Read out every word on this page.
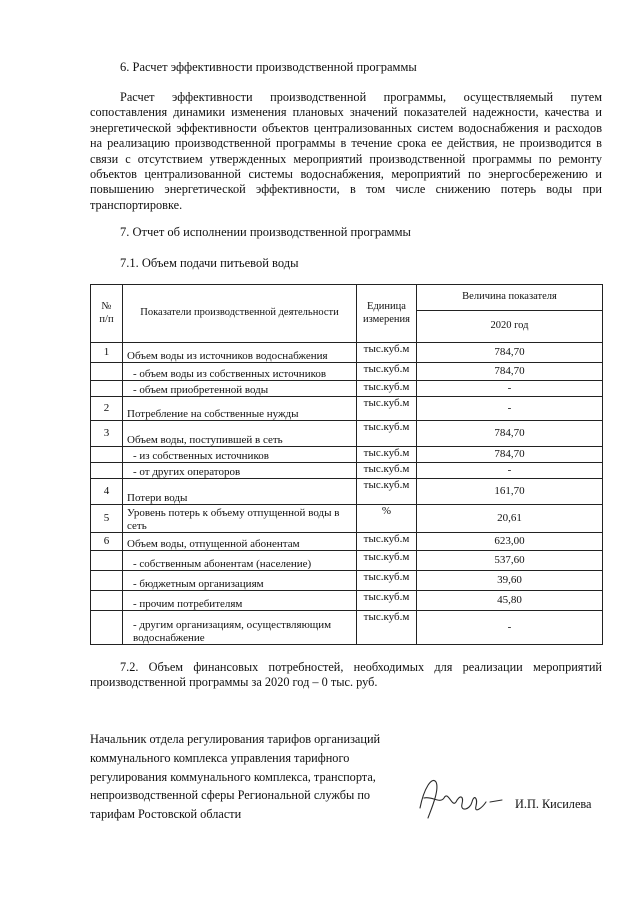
6. Расчет эффективности производственной программы

Расчет эффективности производственной программы, осуществляемый путем сопоставления динамики изменения плановых значений показателей надежности, качества и энергетической эффективности объектов централизованных систем водоснабжения и расходов на реализацию производственной программы в течение срока ее действия, не производится в связи с отсутствием утвержденных мероприятий производственной программы по ремонту объектов централизованной системы водоснабжения, мероприятий по энергосбережению и повышению энергетической эффективности, в том числе снижению потерь воды при транспортировке.

7. Отчет об исполнении производственной программы
7.1. Объем подачи питьевой воды
№
п/п	Показатели производственной деятельности	Единица измерения	Величина показателя
			2020 год
1	Объем воды из источников водоснабжения	тыс.куб.м	784,70
	- объем воды из собственных источников	тыс.куб.м	784,70
	- объем приобретенной воды	тыс.куб.м	-
2	Потребление на собственные нужды	тыс.куб.м	-
3	Объем воды, поступившей в сеть	тыс.куб.м	784,70
	- из собственных источников	тыс.куб.м	784,70
	- от других операторов	тыс.куб.м	-
4	Потери воды	тыс.куб.м	161,70
5	Уровень потерь к объему отпущенной воды в сеть	%	20,61
6	Объем воды, отпущенной абонентам	тыс.куб.м	623,00
	- собственным абонентам (население)	тыс.куб.м	537,60
	- бюджетным организациям	тыс.куб.м	39,60
	- прочим потребителям	тыс.куб.м	45,80
	- другим организациям, осуществляющим водоснабжение	тыс.куб.м	-

7.2. Объем финансовых потребностей, необходимых для реализации мероприятий производственной программы за 2020 год – 0 тыс. руб.

Начальник отдела регулирования тарифов организаций коммунального комплекса управления тарифного регулирования коммунального комплекса, транспорта, непроизводственной сферы Региональной службы по тарифам Ростовской области

И.П. Кисилева
